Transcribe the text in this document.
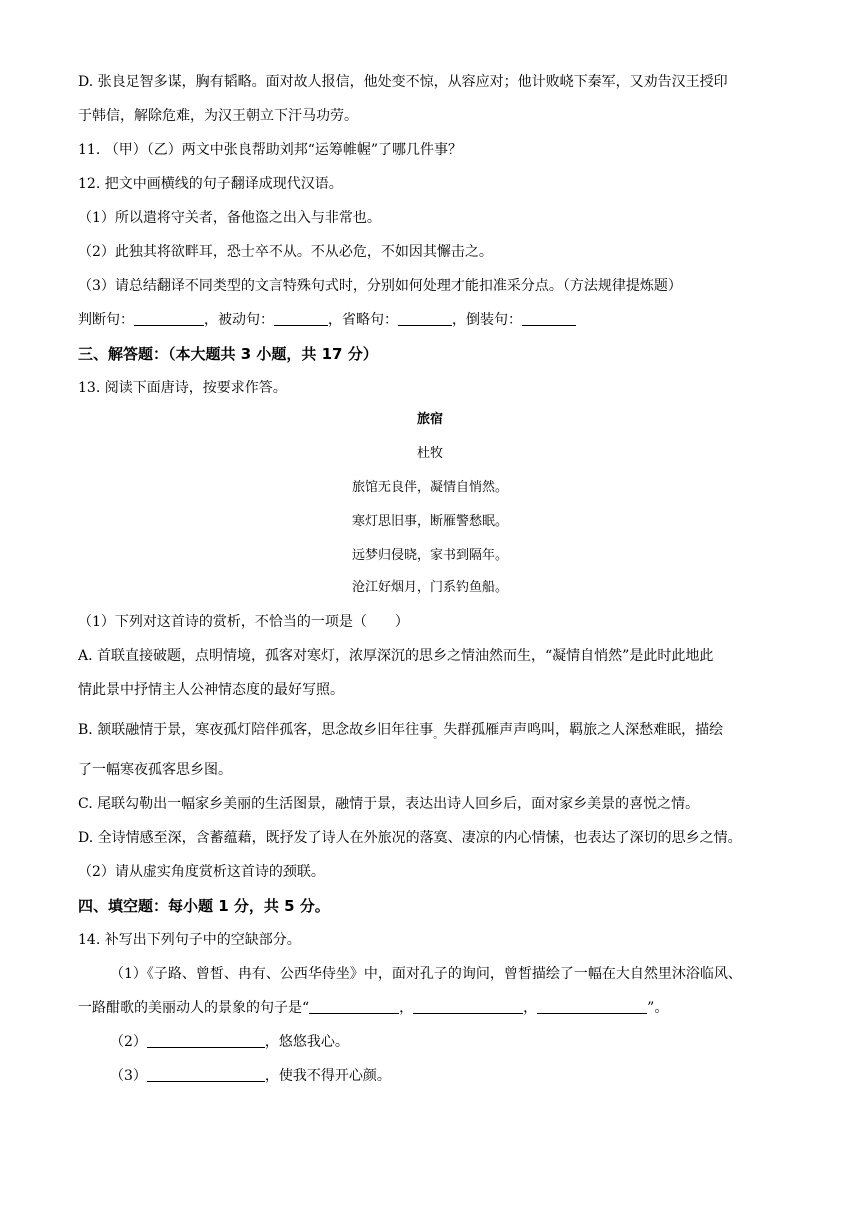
D. 张良足智多谋，胸有韬略。面对故人报信，他处变不惊，从容应对；他计败峣下秦军，又劝告汉王授印
于韩信，解除危难，为汉王朝立下汗马功劳。
11. （甲）（乙）两文中张良帮助刘邦“运筹帷幄”了哪几件事？
12. 把文中画横线的句子翻译成现代汉语。
（1）所以遣将守关者，备他盗之出入与非常也。
（2）此独其将欲畔耳，恐士卒不从。不从必危，不如因其懈击之。
（3）请总结翻译不同类型的文言特殊句式时，分别如何处理才能扣准采分点。（方法规律提炼题）
判断句：	，被动句：	，省略句：	，倒装句：
三、解答题：（本大题共 3 小题，共 17 分）
13. 阅读下面唐诗，按要求作答。
旅宿
杜牧
旅馆无良伴，凝情自悄然。
寒灯思旧事，断雁警愁眠。
远梦归侵晓，家书到隔年。
沧江好烟月，门系钓鱼船。
（1）下列对这首诗的赏析，不恰当的一项是（　　）
A. 首联直接破题，点明情境，孤客对寒灯，浓厚深沉的思乡之情油然而生，“凝情自悄然”是此时此地此
情此景中抒情主人公神情态度的最好写照。
B. 颔联融情于景，寒夜孤灯陪伴孤客，思念故乡旧年往事$_。$失群孤雁声声鸣叫，羁旅之人深愁难眠，描绘
了一幅寒夜孤客思乡图。
C. 尾联勾勒出一幅家乡美丽的生活图景，融情于景，表达出诗人回乡后，面对家乡美景的喜悦之情。
D. 全诗情感至深，含蓄蕴藉，既抒发了诗人在外旅况的落寞、凄凉的内心情愫，也表达了深切的思乡之情。
（2）请从虚实角度赏析这首诗的颈联。
四、填空题：每小题 1 分，共 5 分。
14. 补写出下列句子中的空缺部分。
（1）《子路、曾皙、冉有、公西华侍坐》中，面对孔子的询问，曾皙描绘了一幅在大自然里沐浴临风、
一路酣歌的美丽动人的景象的句子是“	，	，	”。
（2）	，悠悠我心。
（3）	，使我不得开心颜。
